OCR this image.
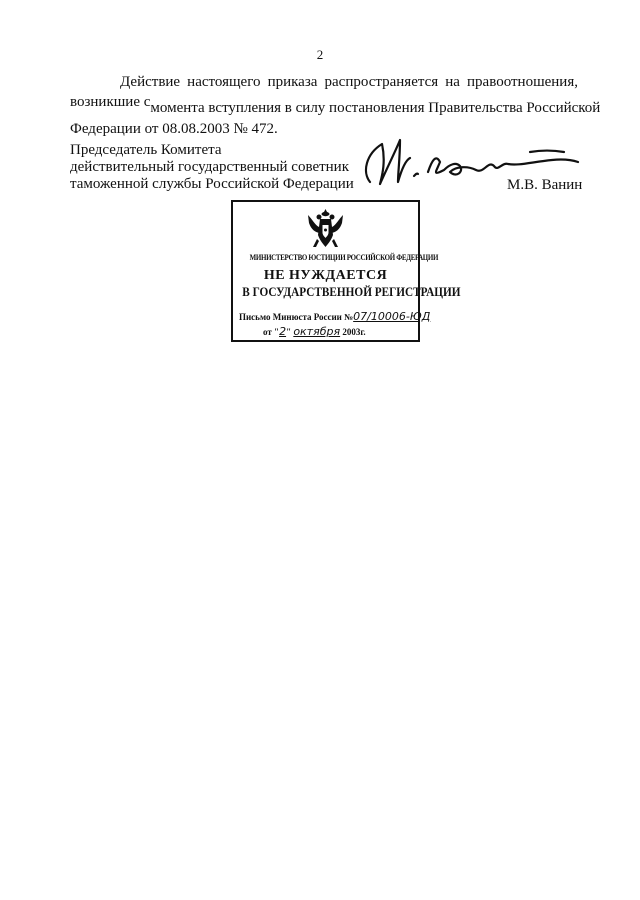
2
Действие настоящего приказа распространяется на правоотношения,
возникшие смомента вступления в силу постановления Правительства Российской
Федерации от 08.08.2003 № 472.
Председатель Комитета
действительный государственный советник
таможенной службы Российской Федерации	М.В. Ванин
МИНИСТЕРСТВО ЮСТИЦИИ РОССИЙСКОЙ ФЕДЕРАЦИИ
НЕ НУЖДАЕТСЯ
В ГОСУДАРСТВЕННОЙ РЕГИСТРАЦИИ
Письмо Минюста России №07/10006-ЮД
от "2" октября 2003г.
